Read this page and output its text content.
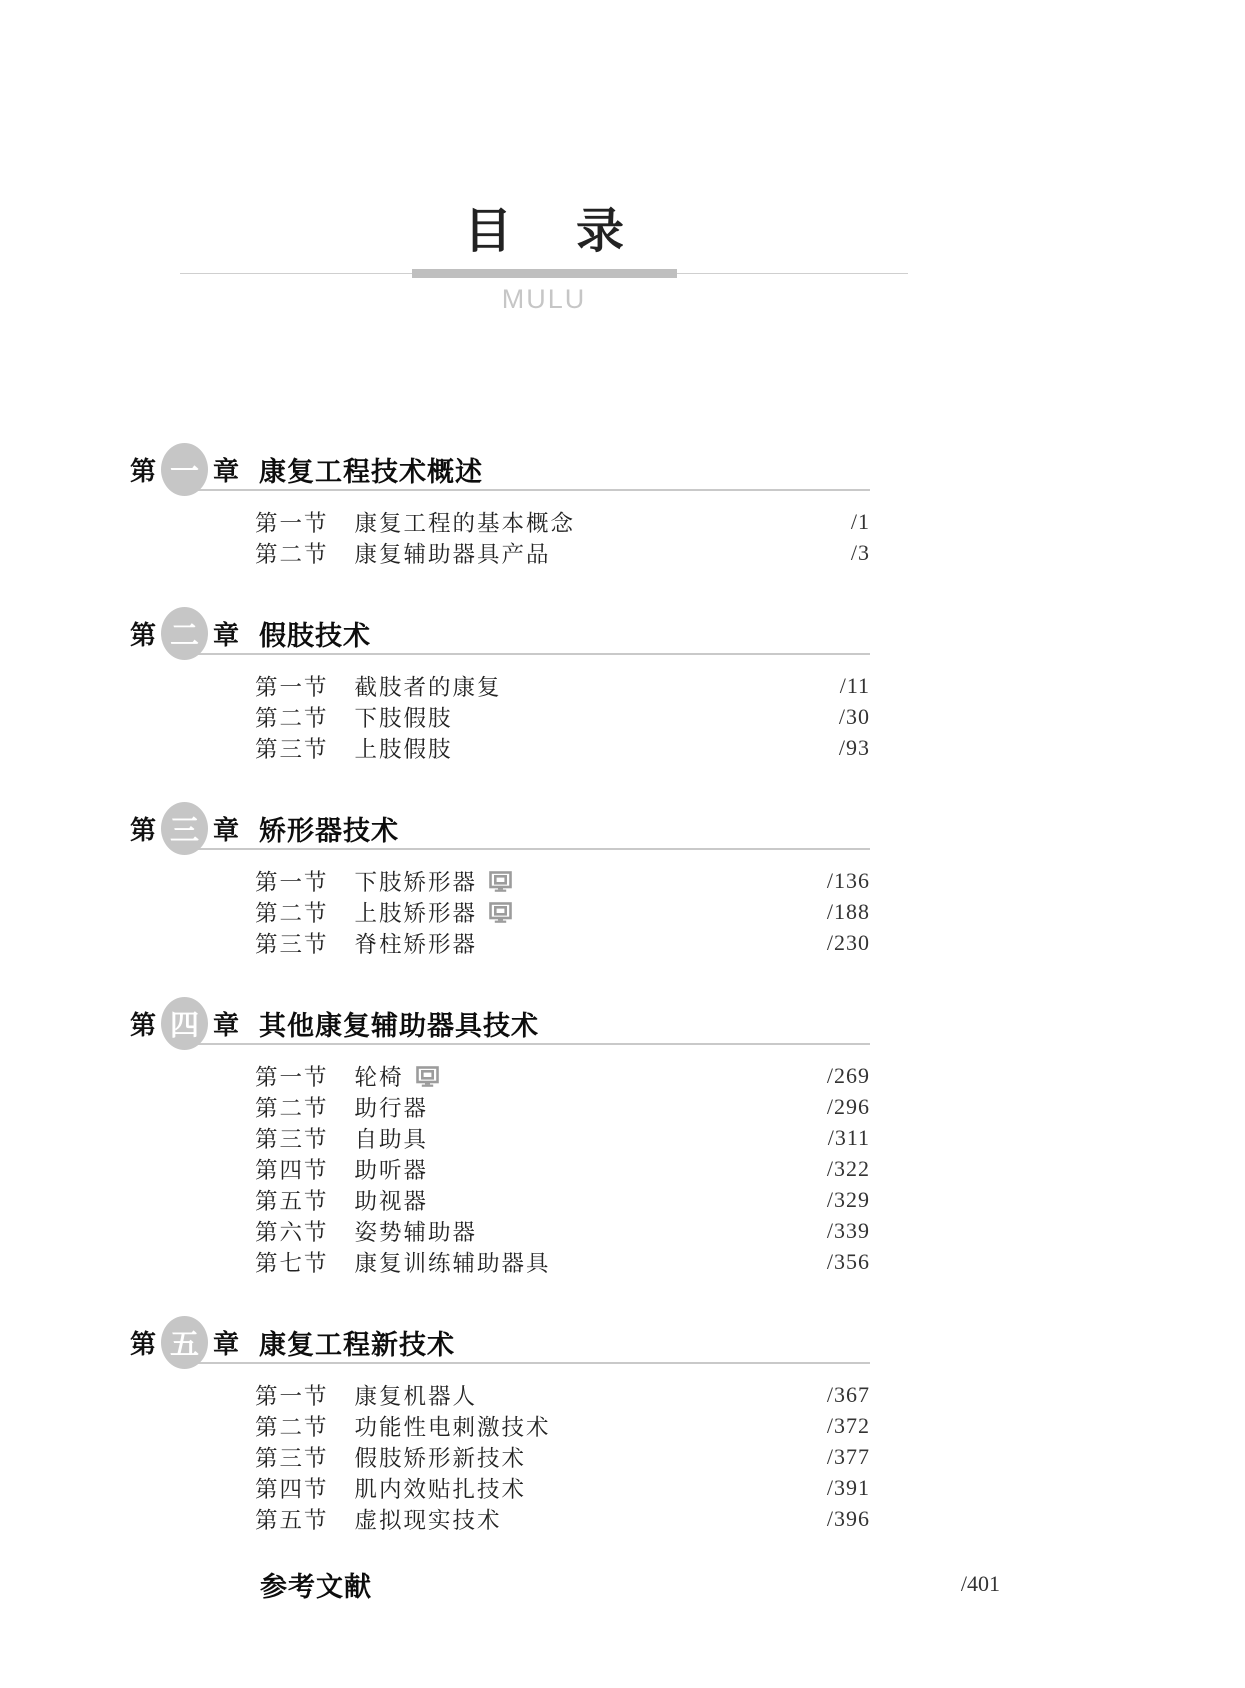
目 录
MULU
第 一 章 康复工程技术概述
第一节 康复工程的基本概念	/1
第二节 康复辅助器具产品	/3
第 二 章 假肢技术
第一节 截肢者的康复	/11
第二节 下肢假肢	/30
第三节 上肢假肢	/93
第 三 章 矫形器技术
第一节 下肢矫形器	/136
第二节 上肢矫形器	/188
第三节 脊柱矫形器	/230
第 四 章 其他康复辅助器具技术
第一节 轮椅	/269
第二节 助行器	/296
第三节 自助具	/311
第四节 助听器	/322
第五节 助视器	/329
第六节 姿势辅助器	/339
第七节 康复训练辅助器具	/356
第 五 章 康复工程新技术
第一节 康复机器人	/367
第二节 功能性电刺激技术	/372
第三节 假肢矫形新技术	/377
第四节 肌内效贴扎技术	/391
第五节 虚拟现实技术	/396
参考文献	/401
